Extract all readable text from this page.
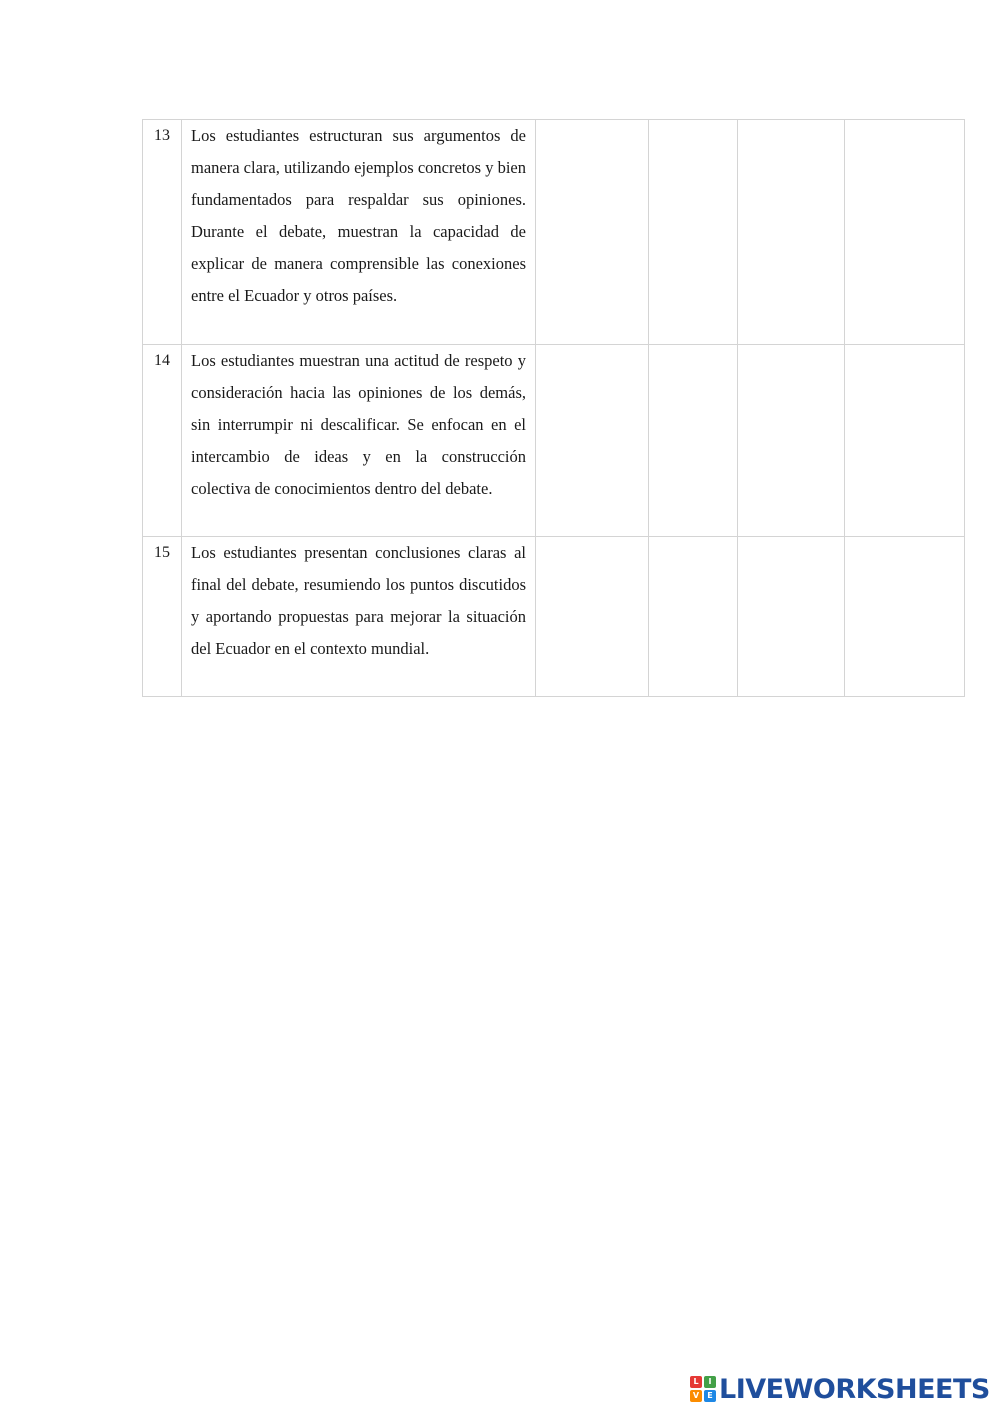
13	Los estudiantes estructuran sus argumentos de manera clara, utilizando ejemplos concretos y bien fundamentados para respaldar sus opiniones. Durante el debate, muestran la capacidad de explicar de manera comprensible las conexiones entre el Ecuador y otros países.				
14	Los estudiantes muestran una actitud de respeto y consideración hacia las opiniones de los demás, sin interrumpir ni descalificar. Se enfocan en el intercambio de ideas y en la construcción colectiva de conocimientos dentro del debate.				
15	Los estudiantes presentan conclusiones claras al final del debate, resumiendo los puntos discutidos y aportando propuestas para mejorar la situación del Ecuador en el contexto mundial.				
L	I
V	E LIVEWORKSHEETS
